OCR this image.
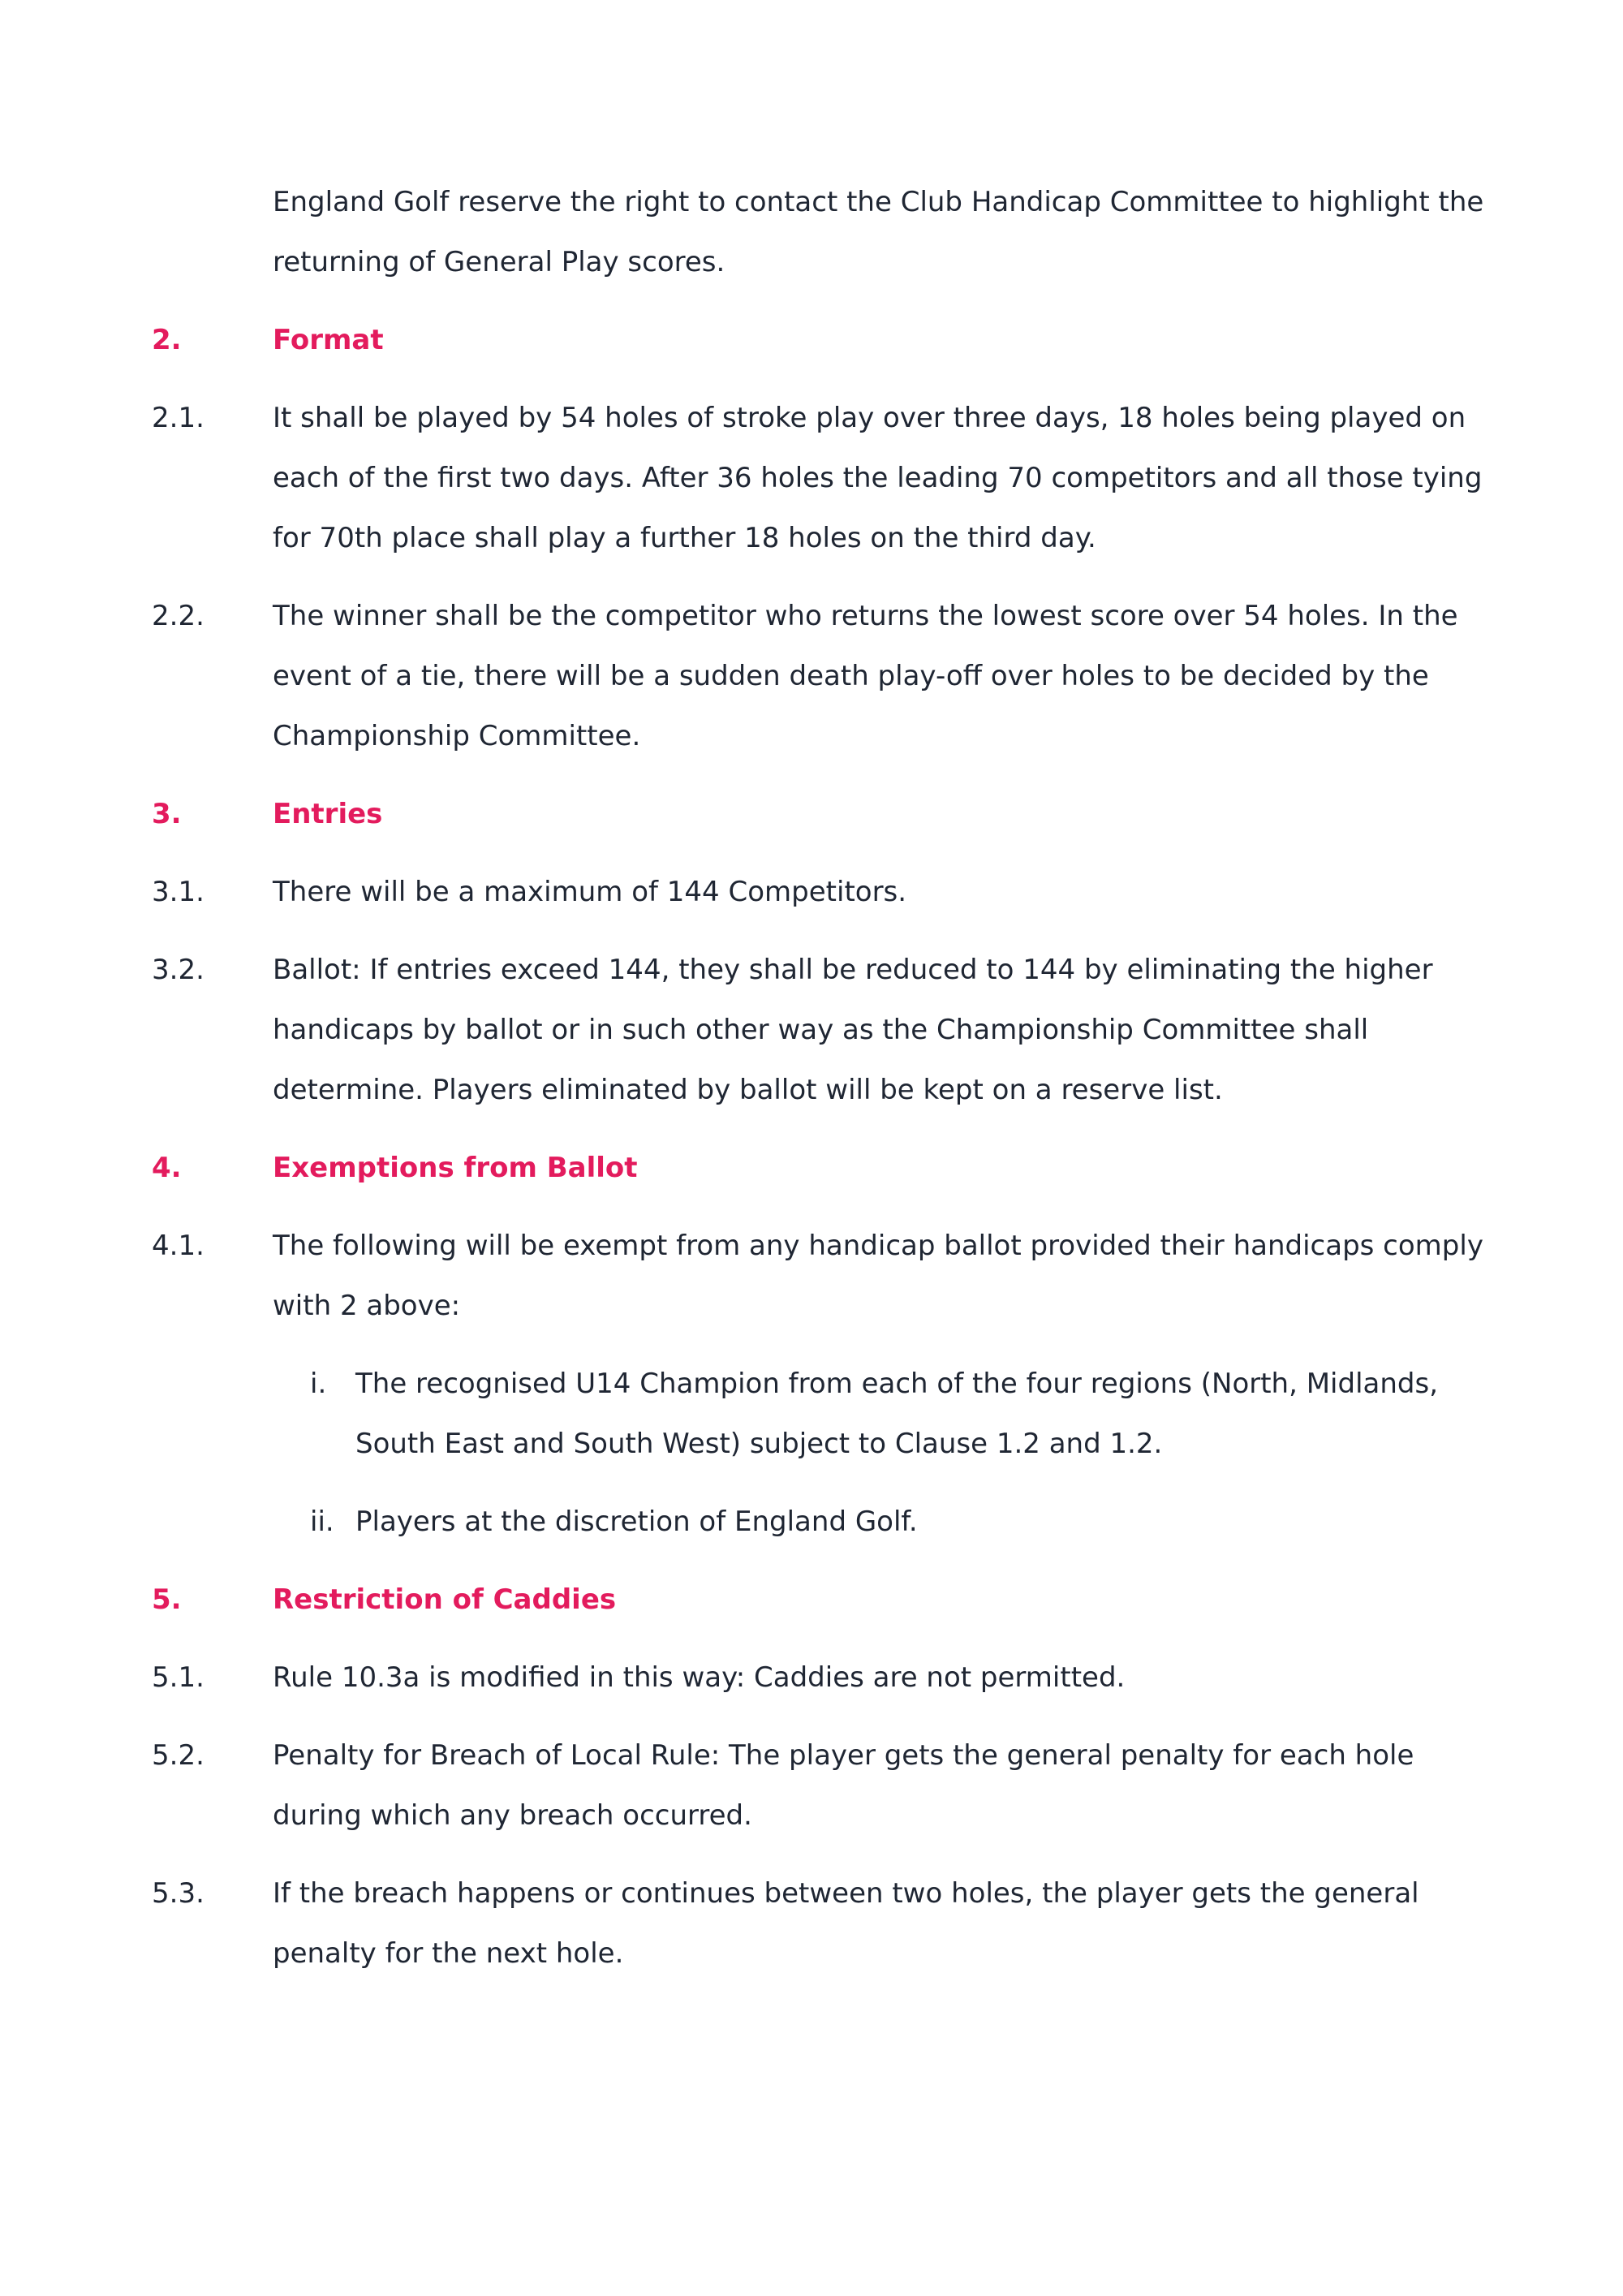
England Golf reserve the right to contact the Club Handicap Committee to highlight the returning of General Play scores.

2.	Format
2.1.	It shall be played by 54 holes of stroke play over three days, 18 holes being played on each of the first two days. After 36 holes the leading 70 competitors and all those tying for 70th place shall play a further 18 holes on the third day.

2.2.	The winner shall be the competitor who returns the lowest score over 54 holes. In the event of a tie, there will be a sudden death play-off over holes to be decided by the Championship Committee.

3.	Entries
3.1.	There will be a maximum of 144 Competitors.

3.2.	Ballot: If entries exceed 144, they shall be reduced to 144 by eliminating the higher handicaps by ballot or in such other way as the Championship Committee shall determine. Players eliminated by ballot will be kept on a reserve list.

4.	Exemptions from Ballot
4.1.	The following will be exempt from any handicap ballot provided their handicaps comply with 2 above:

i.	The recognised U14 Champion from each of the four regions (North, Midlands, South East and South West) subject to Clause 1.2 and 1.2.
ii. Players at the discretion of England Golf.
5.	Restriction of Caddies
5.1.	Rule 10.3a is modified in this way: Caddies are not permitted.

5.2.	Penalty for Breach of Local Rule: The player gets the general penalty for each hole during which any breach occurred.

5.3.	If the breach happens or continues between two holes, the player gets the general penalty for the next hole.
